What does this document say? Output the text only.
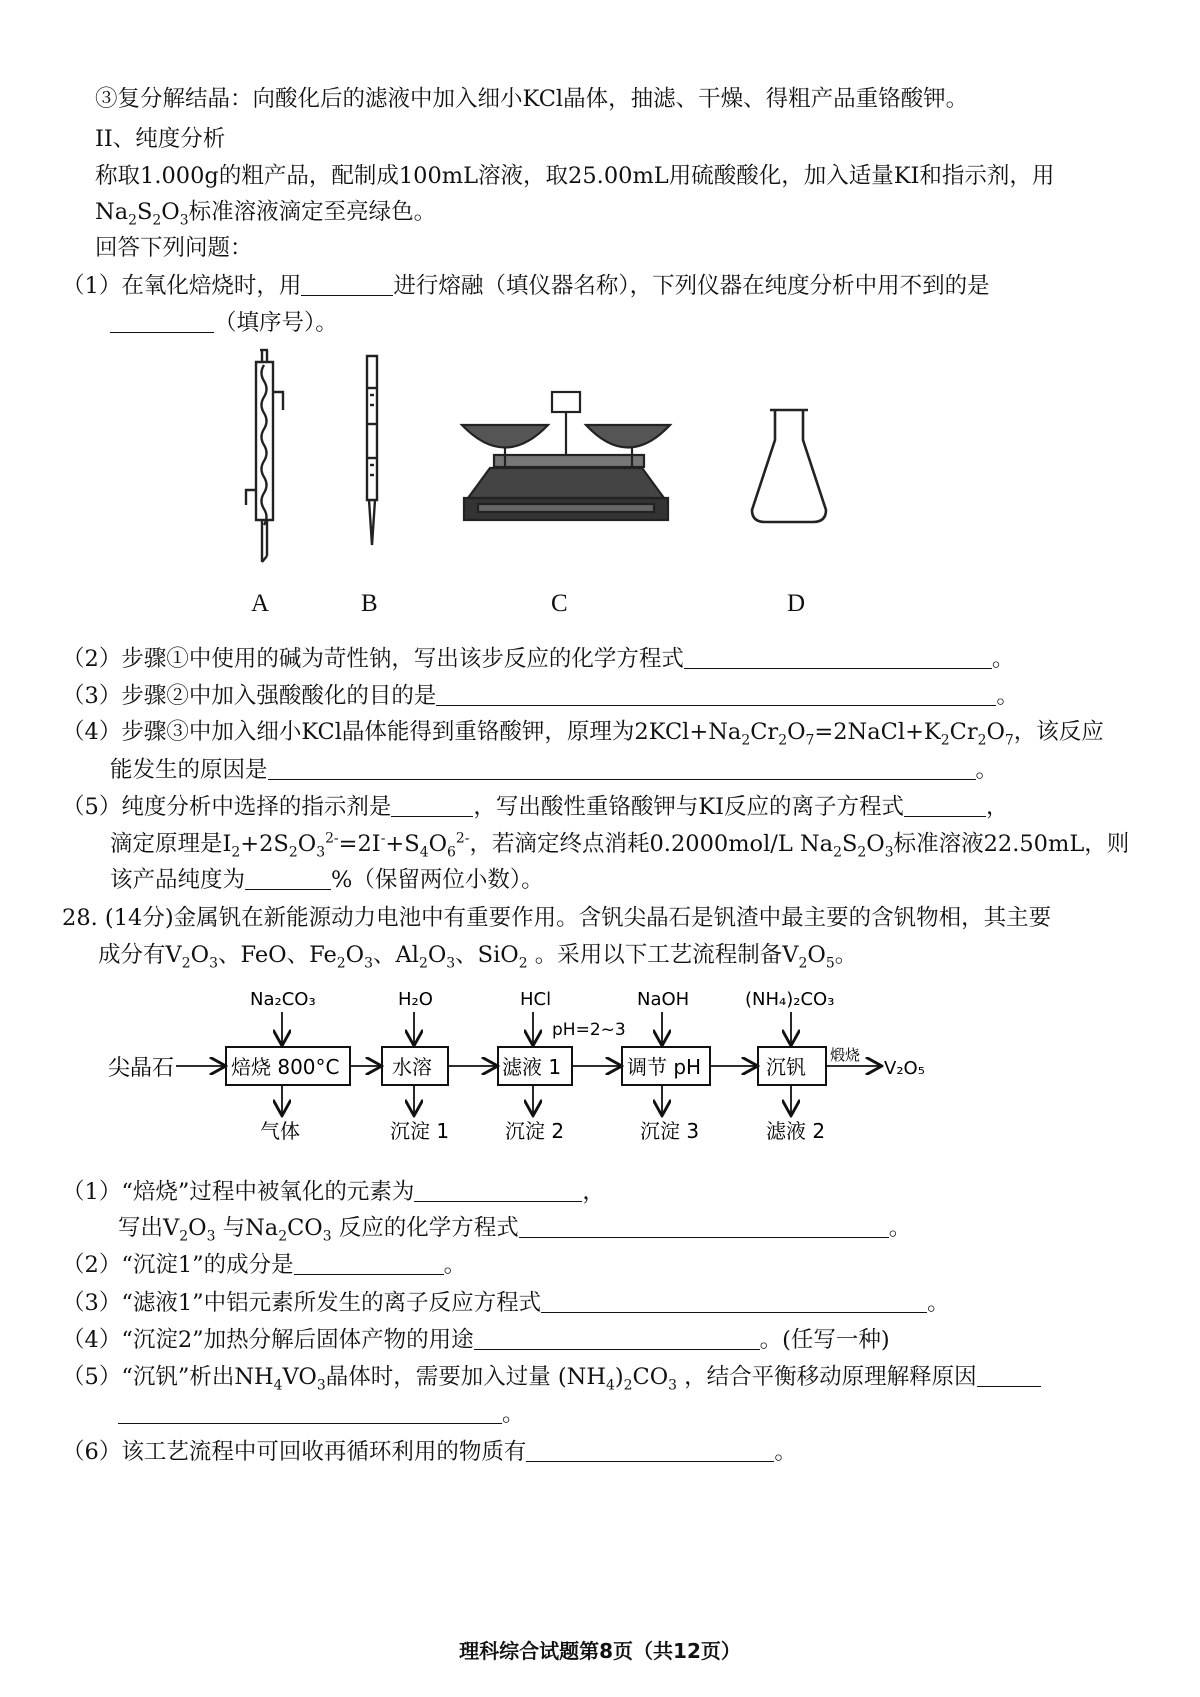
③复分解结晶：向酸化后的滤液中加入细小KCl晶体，抽滤、干燥、得粗产品重铬酸钾。
II、纯度分析
称取1.000g的粗产品，配制成100mL溶液，取25.00mL用硫酸酸化，加入适量KI和指示剂，用
$Na_2S_2O_3$标准溶液滴定至亮绿色。
回答下列问题：
（1）在氧化焙烧时，用	进行熔融（填仪器名称），下列仪器在纯度分析中用不到的是
（填序号）。
A	B	C	D
（2）步骤①中使用的碱为苛性钠，写出该步反应的化学方程式	。
（3）步骤②中加入强酸酸化的目的是	。
（4）步骤③中加入细小KCl晶体能得到重铬酸钾，原理为$2KCl+Na_2Cr_2O_7=2NaCl+K_2Cr_2O_7$，该反应
能发生的原因是	。
（5）纯度分析中选择的指示剂是	，写出酸性重铬酸钾与KI反应的离子方程式	，
滴定原理是$I_2+2S_2O_3^{2-}=2I^-+S_4O_6^{2-}$，若滴定终点消耗0.2000mol/L $Na_2S_2O_3$标准溶液22.50mL，则
该产品纯度为	%（保留两位小数）。
28. (14分)金属钒在新能源动力电池中有重要作用。含钒尖晶石是钒渣中最主要的含钒物相，其主要
成分有$V_2O_3$、FeO、$Fe_2O_3$、$Al_2O_3$、SiO$_2$ 。采用以下工艺流程制备$V_2O_5$。
尖晶石	焙烧 800°C	水溶	滤液 1	调节 pH	沉钒 煅烧
V₂O₅
Na₂CO₃	H₂O	HCl
pH=2~3
NaOH	(NH₄)₂CO₃
气体	沉淀 1	沉淀 2	沉淀 3	滤液 2
（1）“焙烧”过程中被氧化的元素为	，
写出$V_2O_3$ 与$Na_2CO_3$ 反应的化学方程式	。
（2）“沉淀1”的成分是	。
（3）“滤液1”中铝元素所发生的离子反应方程式	。
（4）“沉淀2”加热分解后固体产物的用途	。(任写一种)
（5）“沉钒”析出$NH_4VO_3$晶体时，需要加入过量 $(NH_4)_2CO_3$ ，结合平衡移动原理解释原因
。
（6）该工艺流程中可回收再循环利用的物质有	。
理科综合试题第8页（共12页）
